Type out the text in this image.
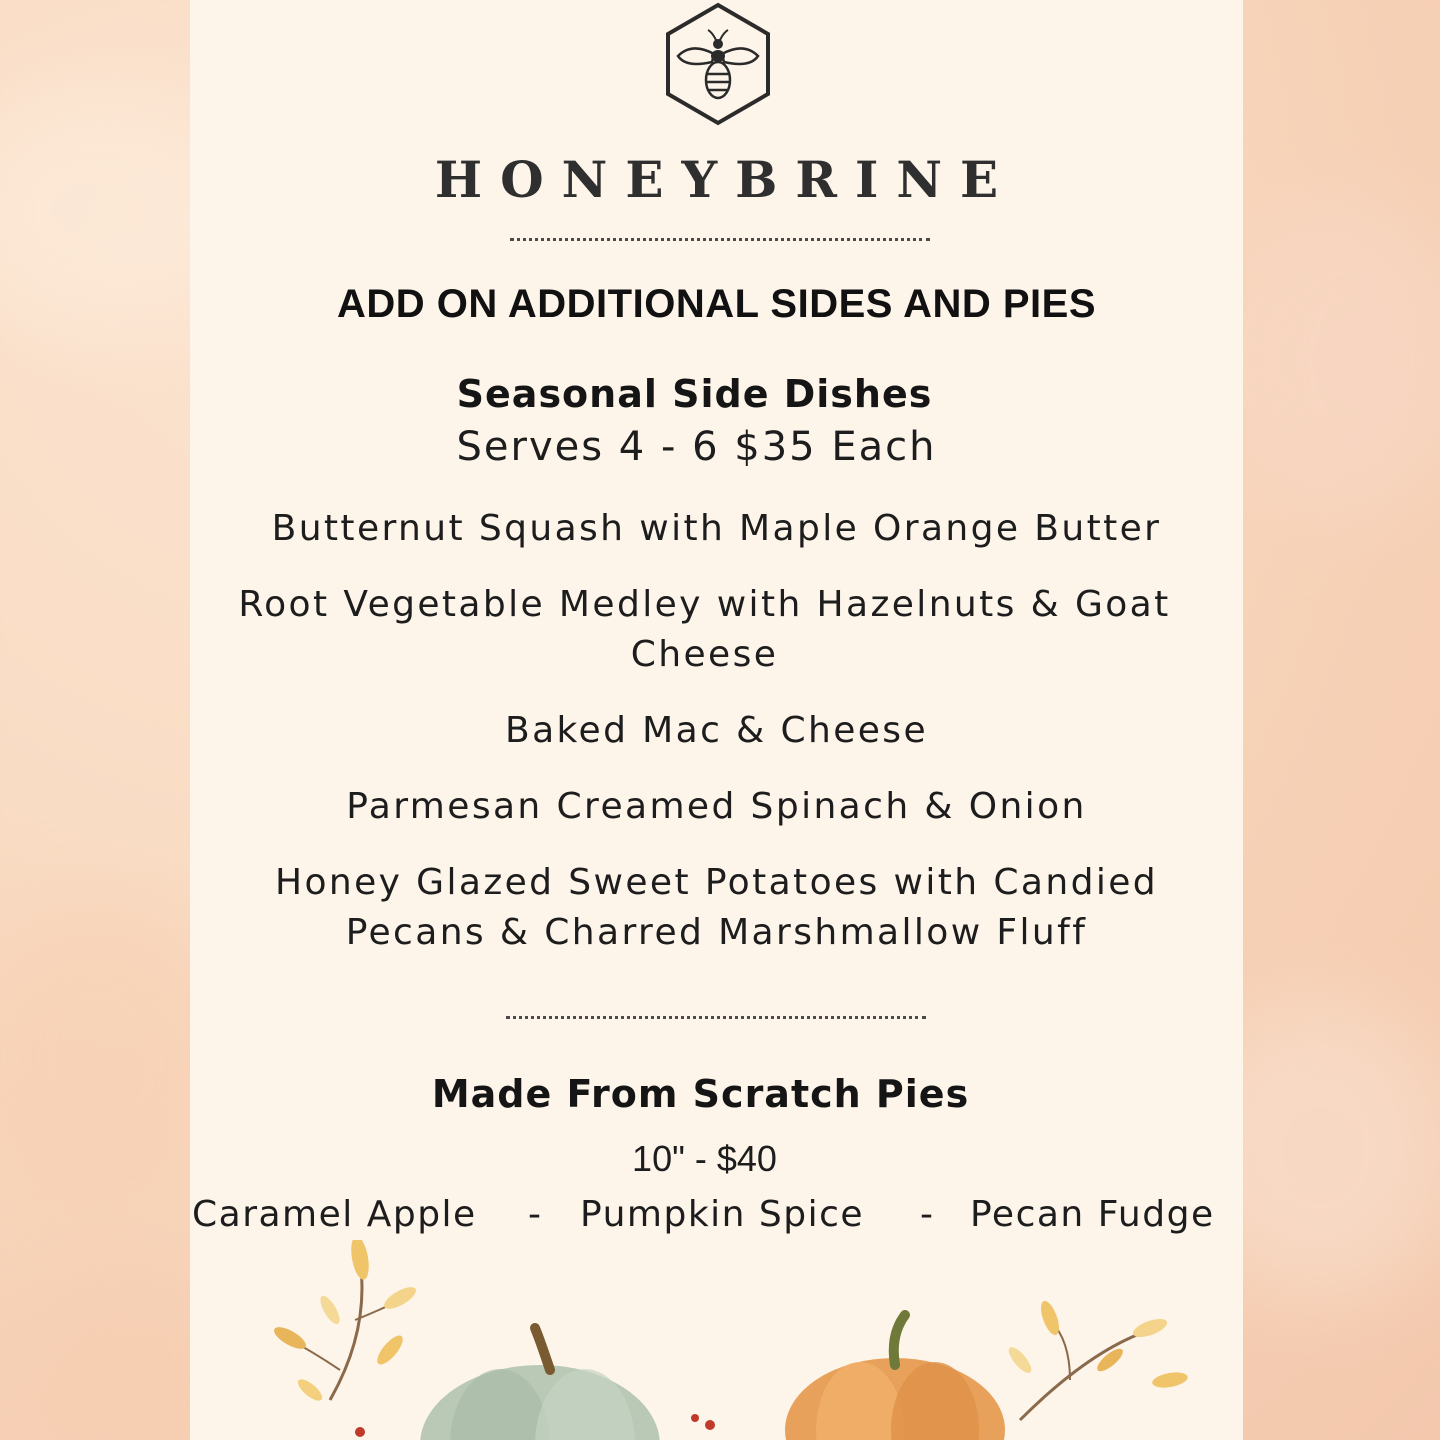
HONEYBRINE
ADD ON ADDITIONAL SIDES AND PIES
Seasonal Side Dishes
Serves 4 - 6 $35 Each
Butternut Squash with Maple Orange Butter
Root Vegetable Medley with Hazelnuts & Goat
Cheese
Baked Mac & Cheese
Parmesan Creamed Spinach & Onion
Honey Glazed Sweet Potatoes with Candied
Pecans & Charred Marshmallow Fluff
Made From Scratch Pies
10" - $40
Caramel Apple - Pumpkin Spice - Pecan Fudge
